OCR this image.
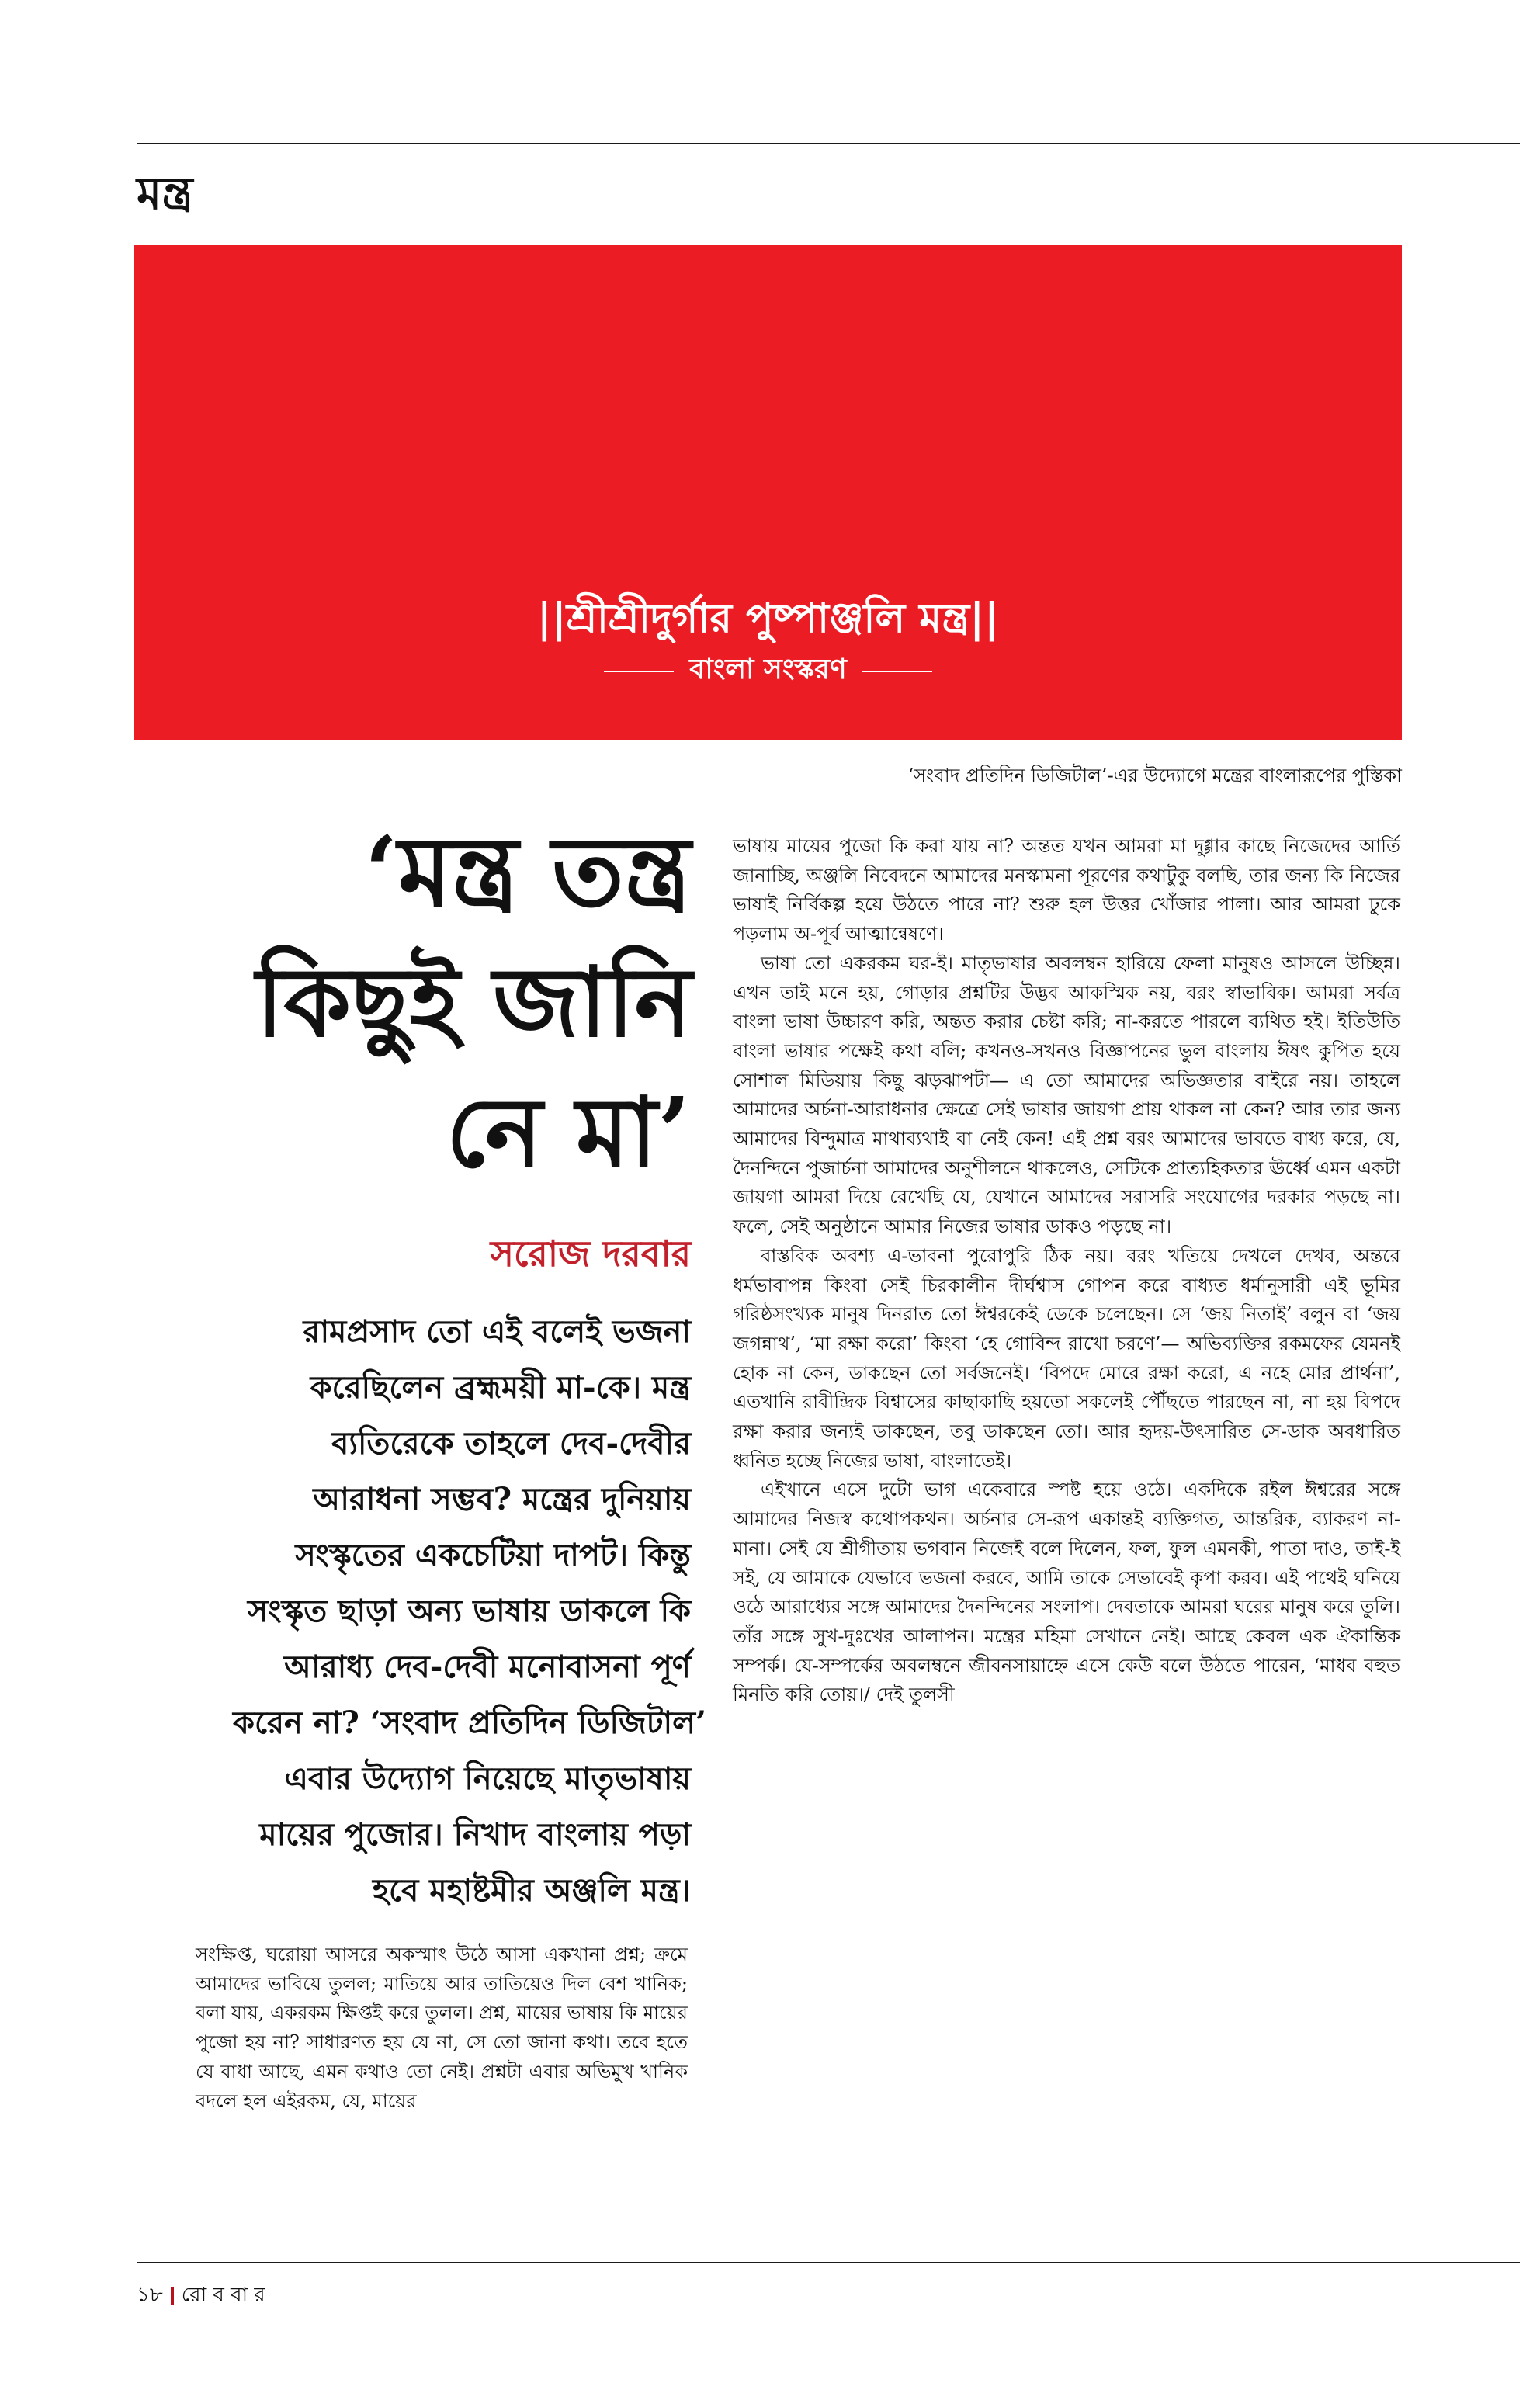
মন্ত্র
||শ্রীশ্রীদুর্গার পুষ্পাঞ্জলি মন্ত্র||
বাংলা সংস্করণ
‘সংবাদ প্রতিদিন ডিজিটাল’-এর উদ্যোগে মন্ত্রের বাংলারূপের পুস্তিকা
‘মন্ত্র তন্ত্র
কিছুই জানি
নে মা’
সরোজ দরবার
রামপ্রসাদ তো এই বলেই ভজনা
করেছিলেন ব্রহ্মময়ী মা-কে। মন্ত্র
ব্যতিরেকে তাহলে দেব-দেবীর
আরাধনা সম্ভব? মন্ত্রের দুনিয়ায়
সংস্কৃতের একচেটিয়া দাপট। কিন্তু
সংস্কৃত ছাড়া অন্য ভাষায় ডাকলে কি
আরাধ্য দেব-দেবী মনোবাসনা পূর্ণ
করেন না? ‘সংবাদ প্রতিদিন ডিজিটাল’
এবার উদ্যোগ নিয়েছে মাতৃভাষায়
মায়ের পুজোর। নিখাদ বাংলায় পড়া
হবে মহাষ্টমীর অঞ্জলি মন্ত্র।

সংক্ষিপ্ত, ঘরোয়া আসরে অকস্মাৎ উঠে আসা একখানা প্রশ্ন; ক্রমে আমাদের ভাবিয়ে তুলল; মাতিয়ে আর তাতিয়েও দিল বেশ খানিক; বলা যায়, একরকম ক্ষিপ্তই করে তুলল। প্রশ্ন, মায়ের ভাষায় কি মায়ের পুজো হয় না? সাধারণত হয় যে না, সে তো জানা কথা। তবে হতে যে বাধা আছে, এমন কথাও তো নেই। প্রশ্নটা এবার অভিমুখ খানিক বদলে হল এইরকম, যে, মায়ের

ভাষায় মায়ের পুজো কি করা যায় না? অন্তত যখন আমরা মা দুগ্গার কাছে নিজেদের আর্তি জানাচ্ছি, অঞ্জলি নিবেদনে আমাদের মনস্কামনা পূরণের কথাটুকু বলছি, তার জন্য কি নিজের ভাষাই নির্বিকল্প হয়ে উঠতে পারে না? শুরু হল উত্তর খোঁজার পালা। আর আমরা ঢুকে পড়লাম অ-পূর্ব আত্মান্বেষণে।

ভাষা তো একরকম ঘর-ই। মাতৃভাষার অবলম্বন হারিয়ে ফেলা মানুষও আসলে উচ্ছিন্ন। এখন তাই মনে হয়, গোড়ার প্রশ্নটির উদ্ভব আকস্মিক নয়, বরং স্বাভাবিক। আমরা সর্বত্র বাংলা ভাষা উচ্চারণ করি, অন্তত করার চেষ্টা করি; না-করতে পারলে ব্যথিত হই। ইতিউতি বাংলা ভাষার পক্ষেই কথা বলি; কখনও-সখনও বিজ্ঞাপনের ভুল বাংলায় ঈষৎ কুপিত হয়ে সোশাল মিডিয়ায় কিছু ঝড়ঝাপটা— এ তো আমাদের অভিজ্ঞতার বাইরে নয়। তাহলে আমাদের অর্চনা-আরাধনার ক্ষেত্রে সেই ভাষার জায়গা প্রায় থাকল না কেন? আর তার জন্য আমাদের বিন্দুমাত্র মাথাব্যথাই বা নেই কেন! এই প্রশ্ন বরং আমাদের ভাবতে বাধ্য করে, যে, দৈনন্দিনে পুজার্চনা আমাদের অনুশীলনে থাকলেও, সেটিকে প্রাত্যহিকতার ঊর্ধ্বে এমন একটা জায়গা আমরা দিয়ে রেখেছি যে, যেখানে আমাদের সরাসরি সংযোগের দরকার পড়ছে না। ফলে, সেই অনুষ্ঠানে আমার নিজের ভাষার ডাকও পড়ছে না।

বাস্তবিক অবশ্য এ-ভাবনা পুরোপুরি ঠিক নয়। বরং খতিয়ে দেখলে দেখব, অন্তরে ধর্মভাবাপন্ন কিংবা সেই চিরকালীন দীর্ঘশ্বাস গোপন করে বাধ্যত ধর্মানুসারী এই ভূমির গরিষ্ঠসংখ্যক মানুষ দিনরাত তো ঈশ্বরকেই ডেকে চলেছেন। সে ‘জয় নিতাই’ বলুন বা ‘জয় জগন্নাথ’, ‘মা রক্ষা করো’ কিংবা ‘হে গোবিন্দ রাখো চরণে’— অভিব্যক্তির রকমফের যেমনই হোক না কেন, ডাকছেন তো সর্বজনেই। ‘বিপদে মোরে রক্ষা করো, এ নহে মোর প্রার্থনা’, এতখানি রাবীন্দ্রিক বিশ্বাসের কাছাকাছি হয়তো সকলেই পৌঁছতে পারছেন না, না হয় বিপদে রক্ষা করার জন্যই ডাকছেন, তবু ডাকছেন তো। আর হৃদয়-উৎসারিত সে-ডাক অবধারিত ধ্বনিত হচ্ছে নিজের ভাষা, বাংলাতেই।

এইখানে এসে দুটো ভাগ একেবারে স্পষ্ট হয়ে ওঠে। একদিকে রইল ঈশ্বরের সঙ্গে আমাদের নিজস্ব কথোপকথন। অর্চনার সে-রূপ একান্তই ব্যক্তিগত, আন্তরিক, ব্যাকরণ না-মানা। সেই যে শ্রীগীতায় ভগবান নিজেই বলে দিলেন, ফল, ফুল এমনকী, পাতা দাও, তাই-ই সই, যে আমাকে যেভাবে ভজনা করবে, আমি তাকে সেভাবেই কৃপা করব। এই পথেই ঘনিয়ে ওঠে আরাধ্যের সঙ্গে আমাদের দৈনন্দিনের সংলাপ। দেবতাকে আমরা ঘরের মানুষ করে তুলি। তাঁর সঙ্গে সুখ-দুঃখের আলাপন। মন্ত্রের মহিমা সেখানে নেই। আছে কেবল এক ঐকান্তিক সম্পর্ক। যে-সম্পর্কের অবলম্বনে জীবনসায়াহ্নে এসে কেউ বলে উঠতে পারেন, ‘মাধব বহুত মিনতি করি তোয়।/ দেই তুলসী

১৮ রো ব বা র
